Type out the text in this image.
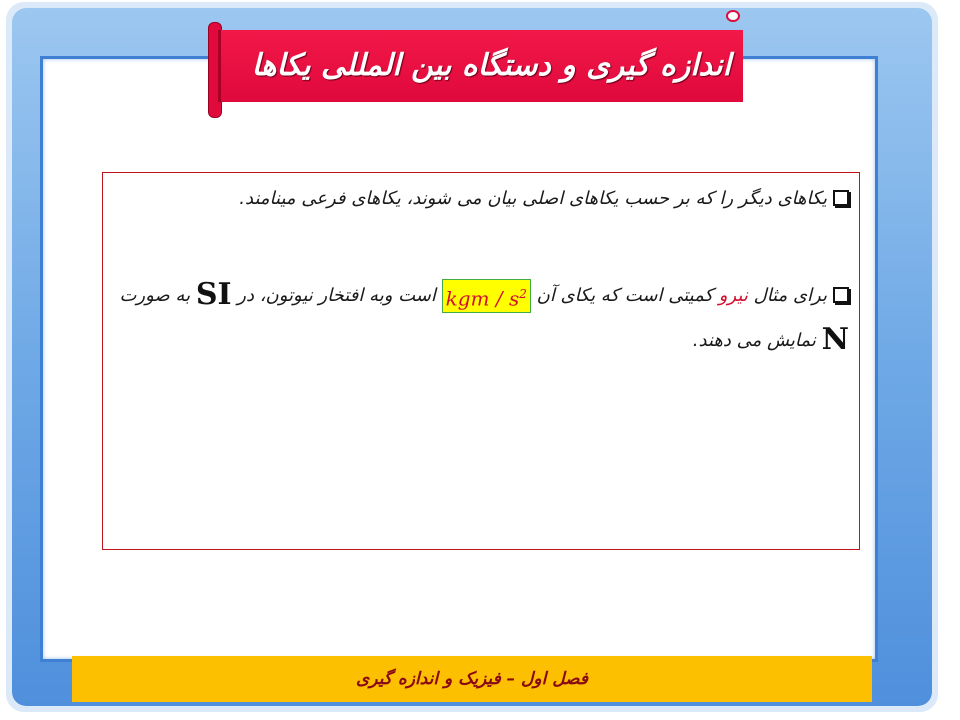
اندازه گیری و دستگاه بین المللی یکاها
یکاهای دیگر را که بر حسب یکاهای اصلی بیان می شوند، یکاهای فرعی مینامند.
برای مثال نیرو کمیتی است که یکای آن kgm / $s^2$ است وبه افتخار نیوتون، در SI به صورت N نمایش می دهند.
فصل اول – فیزیک و اندازه گیری
